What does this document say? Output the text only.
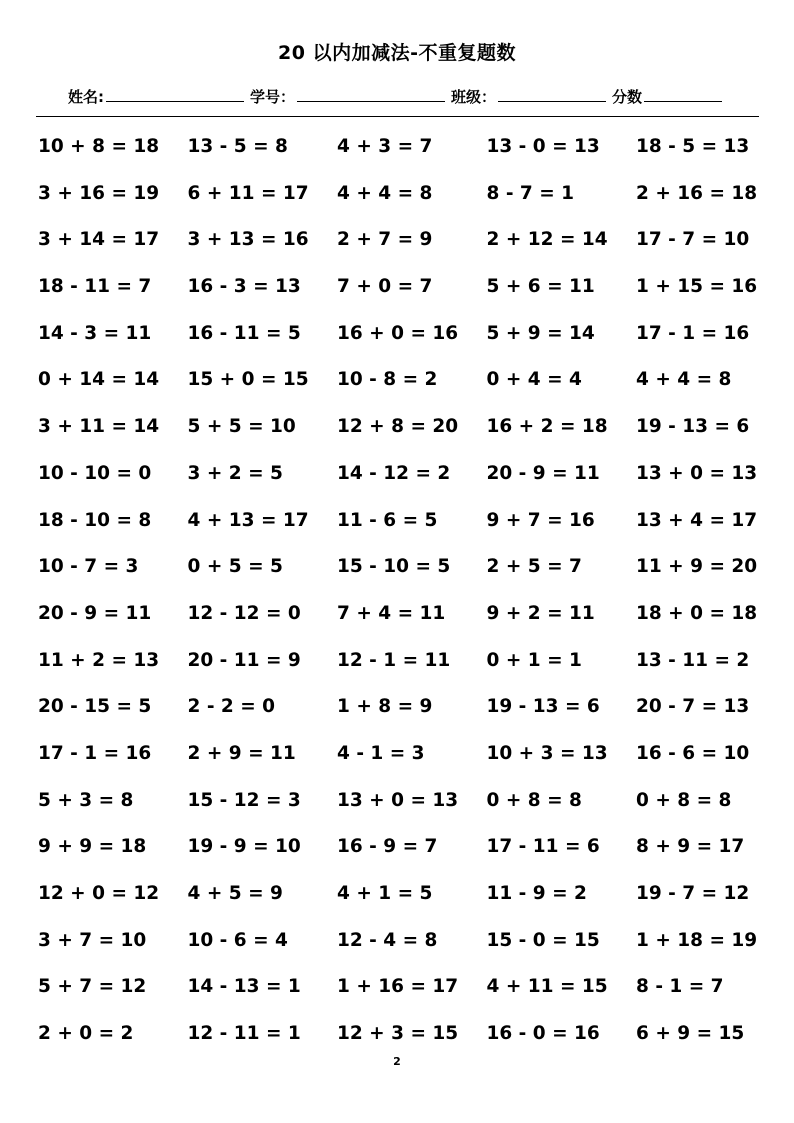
20 以内加减法-不重复题数
姓名:	学号：	班级：	分数
10 + 8 = 18	13 - 5 = 8	4 + 3 = 7	13 - 0 = 13	18 - 5 = 13
3 + 16 = 19	6 + 11 = 17	4 + 4 = 8	8 - 7 = 1	2 + 16 = 18
3 + 14 = 17	3 + 13 = 16	2 + 7 = 9	2 + 12 = 14	17 - 7 = 10
18 - 11 = 7	16 - 3 = 13	7 + 0 = 7	5 + 6 = 11	1 + 15 = 16
14 - 3 = 11	16 - 11 = 5	16 + 0 = 16	5 + 9 = 14	17 - 1 = 16
0 + 14 = 14	15 + 0 = 15	10 - 8 = 2	0 + 4 = 4	4 + 4 = 8
3 + 11 = 14	5 + 5 = 10	12 + 8 = 20	16 + 2 = 18	19 - 13 = 6
10 - 10 = 0	3 + 2 = 5	14 - 12 = 2	20 - 9 = 11	13 + 0 = 13
18 - 10 = 8	4 + 13 = 17	11 - 6 = 5	9 + 7 = 16	13 + 4 = 17
10 - 7 = 3	0 + 5 = 5	15 - 10 = 5	2 + 5 = 7	11 + 9 = 20
20 - 9 = 11	12 - 12 = 0	7 + 4 = 11	9 + 2 = 11	18 + 0 = 18
11 + 2 = 13	20 - 11 = 9	12 - 1 = 11	0 + 1 = 1	13 - 11 = 2
20 - 15 = 5	2 - 2 = 0	1 + 8 = 9	19 - 13 = 6	20 - 7 = 13
17 - 1 = 16	2 + 9 = 11	4 - 1 = 3	10 + 3 = 13	16 - 6 = 10
5 + 3 = 8	15 - 12 = 3	13 + 0 = 13	0 + 8 = 8	0 + 8 = 8
9 + 9 = 18	19 - 9 = 10	16 - 9 = 7	17 - 11 = 6	8 + 9 = 17
12 + 0 = 12	4 + 5 = 9	4 + 1 = 5	11 - 9 = 2	19 - 7 = 12
3 + 7 = 10	10 - 6 = 4	12 - 4 = 8	15 - 0 = 15	1 + 18 = 19
5 + 7 = 12	14 - 13 = 1	1 + 16 = 17	4 + 11 = 15	8 - 1 = 7
2 + 0 = 2	12 - 11 = 1	12 + 3 = 15	16 - 0 = 16	6 + 9 = 15
2
